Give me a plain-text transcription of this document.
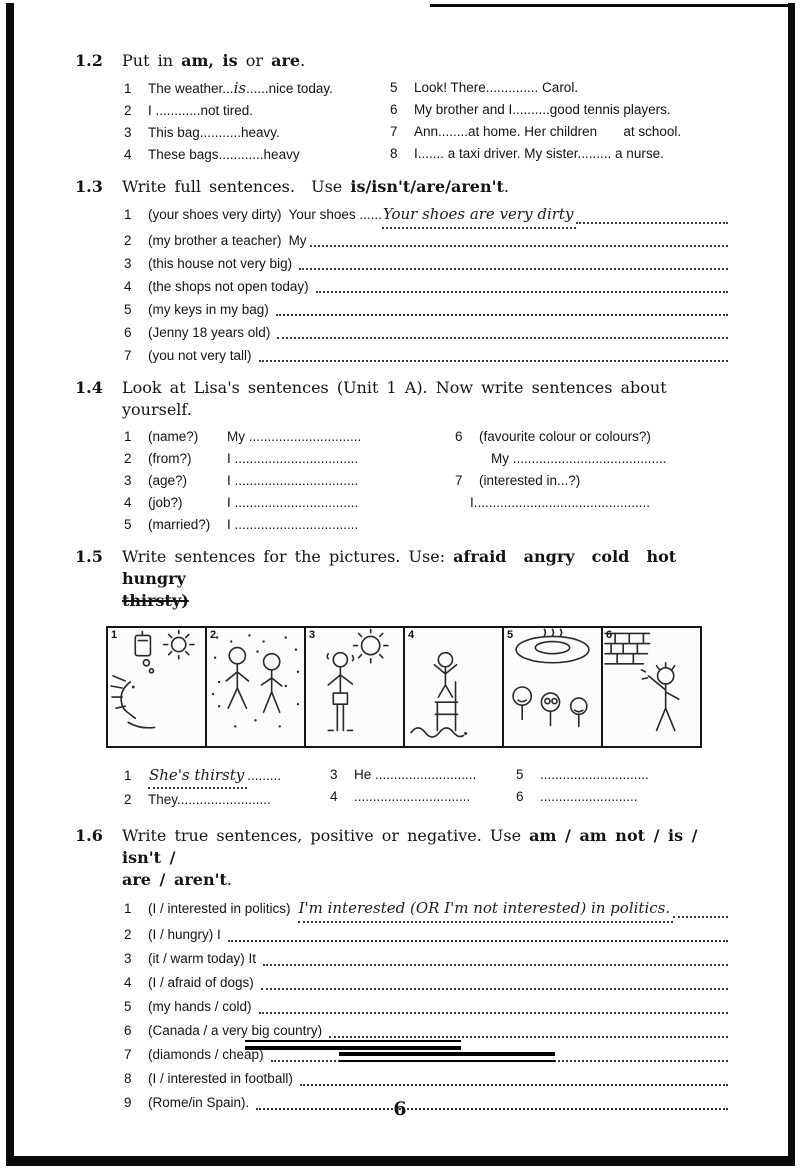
1.2	Put in am, is or are.
1	The weather...is......nice today.
2	I ............not tired.
3	This bag...........heavy.
4	These bags............heavy
5	Look! There.............. Carol.
6	My brother and I..........good tennis players.
7	Ann........at home. Her children       at school.
8	I....... a taxi driver. My sister......... a nurse.
1.3	Write full sentences.  Use is/isn't/are/aren't.
1	(your shoes very dirty) Your shoes ...... Your shoes are very dirty
2	(my brother a teacher) My
3	(this house not very big)
4	(the shops not open today)
5	(my keys in my bag)
6	(Jenny 18 years old)
7	(you not very tall)
1.4	Look at Lisa's sentences (Unit 1 A). Now write sentences about yourself.
1	(name?)	My ..............................
2	(from?)	I .................................
3	(age?)	I .................................
4	(job?)	I .................................
5	(married?)	I .................................
6	(favourite colour or colours?)
My .........................................
7	(interested in...?)
I...............................................
1.5	Write sentences for the pictures. Use: afraid  angry  cold  hot  hungry
thirsty)
1	2	3	4	5	6
1	She's thirsty .........
2	They.........................
3	He ...........................
4	...............................
5	.............................
6	..........................
1.6	Write true sentences, positive or negative. Use am / am not / is / isn't /
are / aren't.
1	(I / interested in politics) I'm interested (OR I'm not interested) in politics.
2	(I / hungry) I
3	(it / warm today) It
4	(I / afraid of dogs)
5	(my hands / cold)
6	(Canada / a very big country)
7	(diamonds / cheap)
8	(I / interested in football)
9	(Rome/in Spain).	6
